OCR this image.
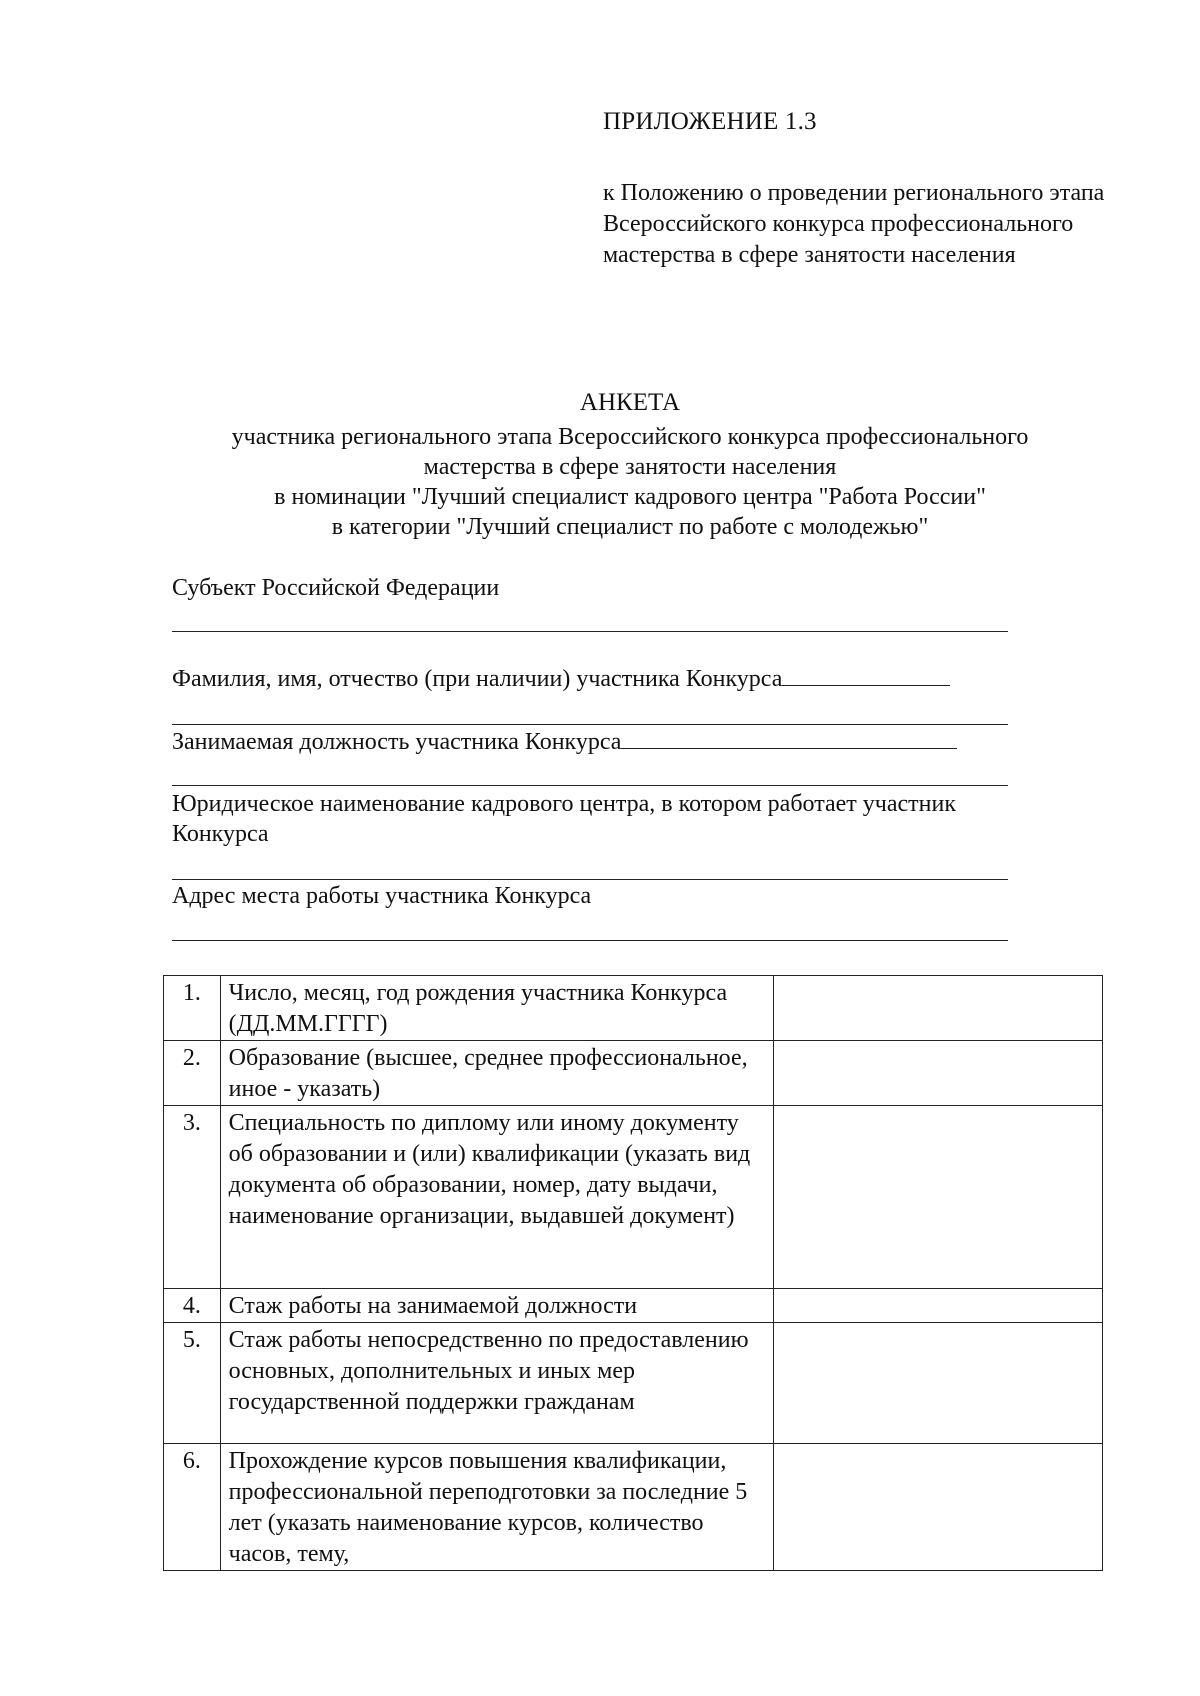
ПРИЛОЖЕНИЕ 1.3
к Положению о проведении регионального этапа Всероссийского конкурса профессионального мастерства в сфере занятости населения
АНКЕТА
участника регионального этапа Всероссийского конкурса профессионального
мастерства в сфере занятости населения
в номинации "Лучший специалист кадрового центра "Работа России"
в категории "Лучший специалист по работе с молодежью"
Субъект Российской Федерации
Фамилия, имя, отчество (при наличии) участника Конкурса
Занимаемая должность участника Конкурса
Юридическое наименование кадрового центра, в котором работает участник Конкурса
Адрес места работы участника Конкурса
1.	Число, месяц, год рождения участника Конкурса (ДД.ММ.ГГГГ)	

2.	Образование (высшее, среднее профессиональное, иное - указать)	

3.	Специальность по диплому или иному документу об образовании и (или) квалификации (указать вид документа об образовании, номер, дату выдачи, наименование организации, выдавшей документ)	

4.	Стаж работы на занимаемой должности	

5.	Стаж работы непосредственно по предоставлению основных, дополнительных и иных мер государственной поддержки гражданам	

6.	Прохождение курсов повышения квалификации, профессиональной переподготовки за последние 5 лет (указать наименование курсов, количество часов, тему,	
